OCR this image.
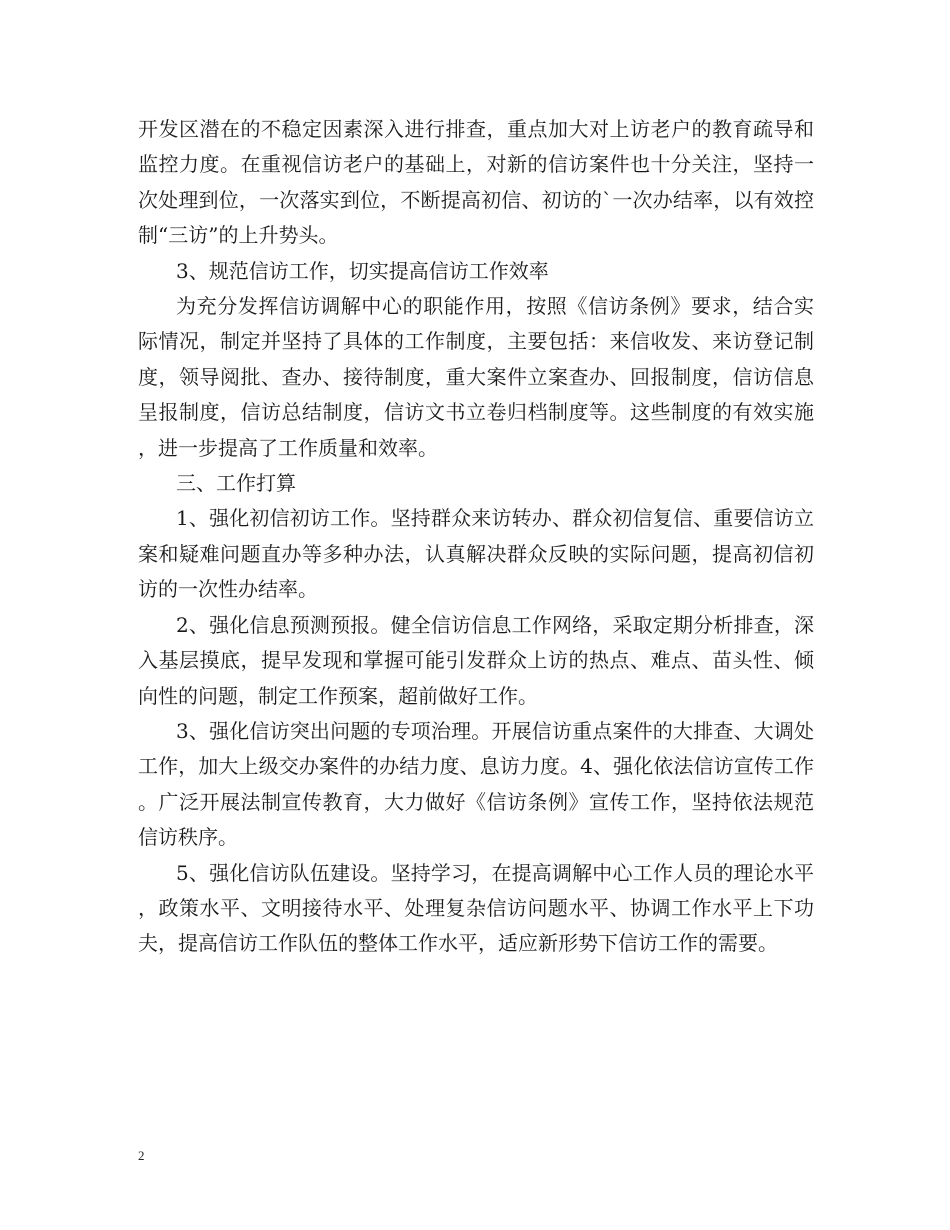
开发区潜在的不稳定因素深入进行排查，重点加大对上访老户的教育疏导和监控力度。在重视信访老户的基础上，对新的信访案件也十分关注，坚持一次处理到位，一次落实到位，不断提高初信、初访的`一次办结率，以有效控制“三访”的上升势头。

3、规范信访工作，切实提高信访工作效率

为充分发挥信访调解中心的职能作用，按照《信访条例》要求，结合实际情况，制定并坚持了具体的工作制度，主要包括：来信收发、来访登记制度，领导阅批、查办、接待制度，重大案件立案查办、回报制度，信访信息呈报制度，信访总结制度，信访文书立卷归档制度等。这些制度的有效实施，进一步提高了工作质量和效率。

三、工作打算

1、强化初信初访工作。坚持群众来访转办、群众初信复信、重要信访立案和疑难问题直办等多种办法，认真解决群众反映的实际问题，提高初信初访的一次性办结率。

2、强化信息预测预报。健全信访信息工作网络，采取定期分析排查，深入基层摸底，提早发现和掌握可能引发群众上访的热点、难点、苗头性、倾向性的问题，制定工作预案，超前做好工作。

3、强化信访突出问题的专项治理。开展信访重点案件的大排查、大调处工作，加大上级交办案件的办结力度、息访力度。4、强化依法信访宣传工作。广泛开展法制宣传教育，大力做好《信访条例》宣传工作，坚持依法规范信访秩序。

5、强化信访队伍建设。坚持学习，在提高调解中心工作人员的理论水平，政策水平、文明接待水平、处理复杂信访问题水平、协调工作水平上下功夫，提高信访工作队伍的整体工作水平，适应新形势下信访工作的需要。

2
